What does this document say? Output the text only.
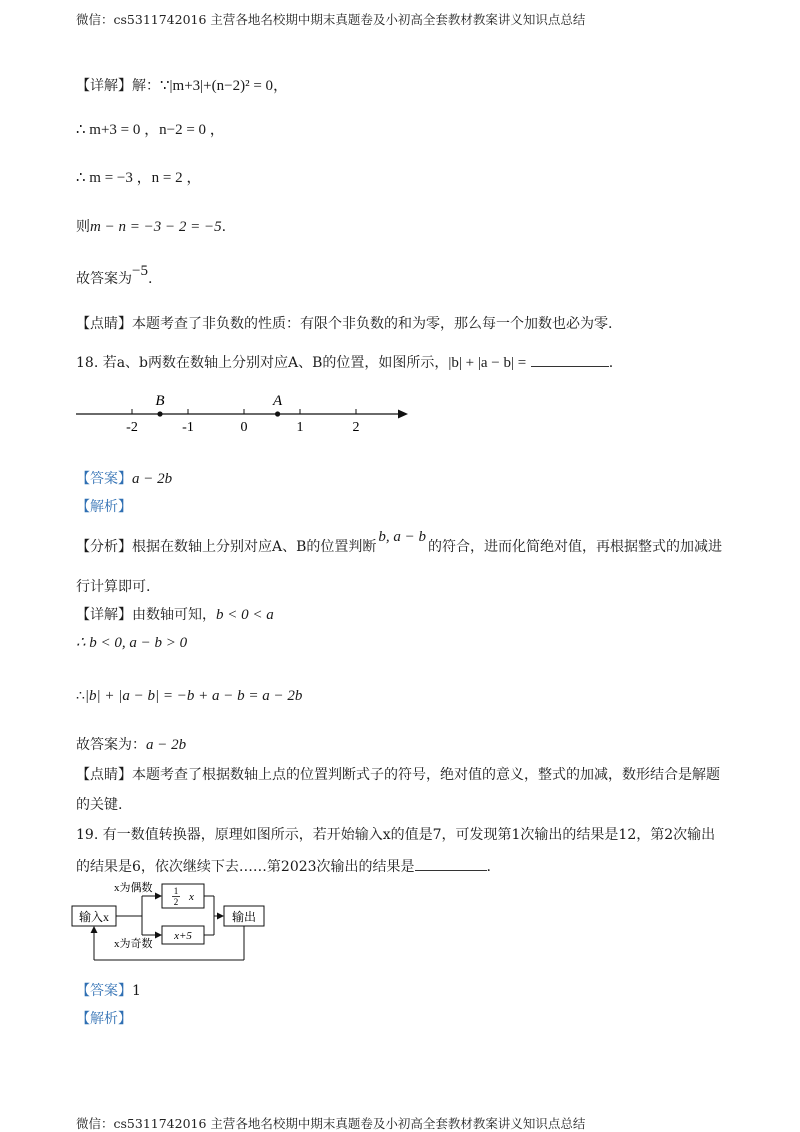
微信：cs5311742016 主营各地名校期中期末真题卷及小初高全套教材教案讲义知识点总结
【详解】解：∵|m+3|+(n−2)² = 0，
∴ m+3 = 0 ，n−2 = 0 ，
∴ m = −3 ，n = 2 ，
则m − n = −3 − 2 = −5.
故答案为−5.
【点睛】本题考查了非负数的性质：有限个非负数的和为零，那么每一个加数也必为零.
18. 若a、b两数在数轴上分别对应A、B的位置，如图所示，|b| + |a − b| =	.
-2	-1	0	1	2
B	A
【答案】a − 2b
【解析】
【分析】根据在数轴上分别对应A、B的位置判断b, a − b的符合，进而化简绝对值，再根据整式的加减进
行计算即可.
【详解】由数轴可知，b < 0 < a
∴ b < 0, a − b > 0
∴|b| + |a − b| = −b + a − b = a − 2b
故答案为：a − 2b
【点睛】本题考查了根据数轴上点的位置判断式子的符号，绝对值的意义，整式的加减，数形结合是解题
的关键.
19. 有一数值转换器，原理如图所示，若开始输入x的值是7，可发现第1次输出的结果是12，第2次输出
的结果是6，依次继续下去……第2023次输出的结果是	.
输入x	输出
1
2 x
x+5
x为偶数
x为奇数
【答案】1
【解析】
微信：cs5311742016 主营各地名校期中期末真题卷及小初高全套教材教案讲义知识点总结
